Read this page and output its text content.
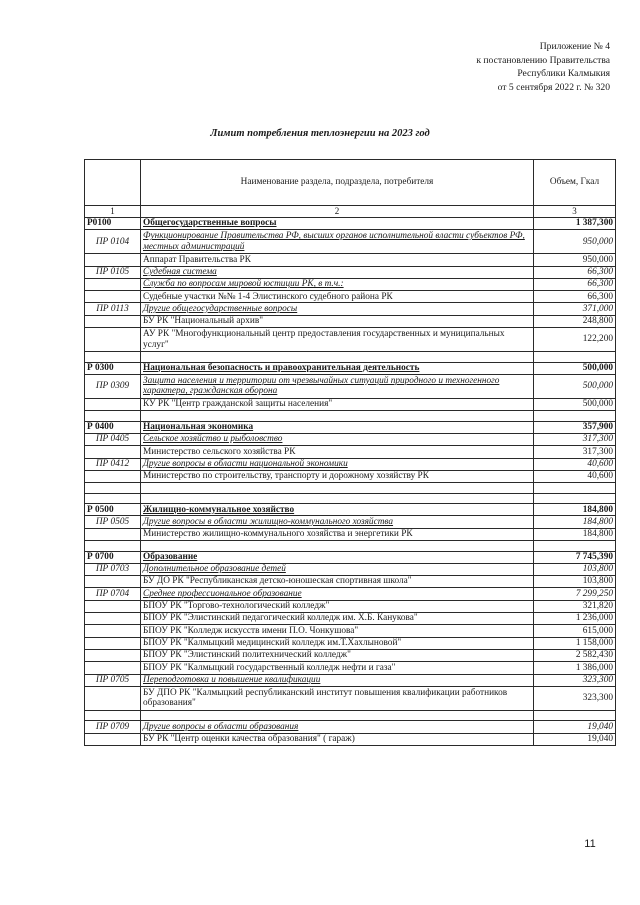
Приложение № 4
к постановлению Правительства
Республики Калмыкия
от 5 сентября 2022 г. № 320
Лимит потребления теплоэнергии на 2023 год
	Наименование раздела, подраздела, потребителя	Объем, Гкал
1	2	3
Р0100	Общегосударственные вопросы	1 387,300
ПР 0104	Функционирование Правительства РФ, высших органов исполнительной власти субъектов РФ, местных администраций	950,000
	Аппарат Правительства РК	950,000
ПР 0105	Судебная система	66,300
	Служба по вопросам мировой юстиции РК, в т.ч.:	66,300
	Судебные участки №№ 1-4 Элистинского судебного района РК	66,300
ПР 0113	Другие общегосударственные вопросы	371,000
	БУ РК "Национальный архив"	248,800
	АУ РК "Многофункциональный центр предоставления государственных и муниципальных услуг"	122,200

Р 0300	Национальная безопасность и правоохранительная деятельность	500,000
ПР 0309	Защита населения и территории от чрезвычайных ситуаций природного и техногенного характера, гражданская оборона	500,000
	КУ РК "Центр гражданской защиты населения"	500,000

Р 0400	Национальная экономика	357,900
ПР 0405	Сельское хозяйство и рыболовство	317,300
	Министерство сельского хозяйства РК	317,300
ПР 0412	Другие вопросы в области национальной экономики	40,600
	Министерство по строительству, транспорту и дорожному хозяйству РК	40,600

Р 0500	Жилищно-коммунальное хозяйство	184,800
ПР 0505	Другие вопросы в области жилищно-коммунального хозяйства	184,800
	Министерство жилищно-коммунального хозяйства и энергетики РК	184,800

Р 0700	Образование	7 745,390
ПР 0703	Дополнительное образование детей	103,800
	БУ ДО РК "Республиканская детско-юношеская спортивная школа"	103,800
ПР 0704	Среднее профессиональное образование	7 299,250
	БПОУ РК "Торгово-технологический колледж"	321,820
	БПОУ РК "Элистинский педагогический колледж им. Х.Б. Канукова"	1 236,000
	БПОУ РК "Колледж искусств имени П.О. Чонкушова"	615,000
	БПОУ РК "Калмыцкий медицинский колледж им.Т.Хахлыновой"	1 158,000
	БПОУ РК "Элистинский политехнический колледж"	2 582,430
	БПОУ РК "Калмыцкий государственный колледж нефти и газа"	1 386,000
ПР 0705	Переподготовка и повышение квалификации	323,300
	БУ ДПО РК "Калмыцкий республиканский институт повышения квалификации работников образования"	323,300

ПР 0709	Другие вопросы в области образования	19,040
	БУ РК "Центр оценки качества образования" ( гараж)	19,040
11
